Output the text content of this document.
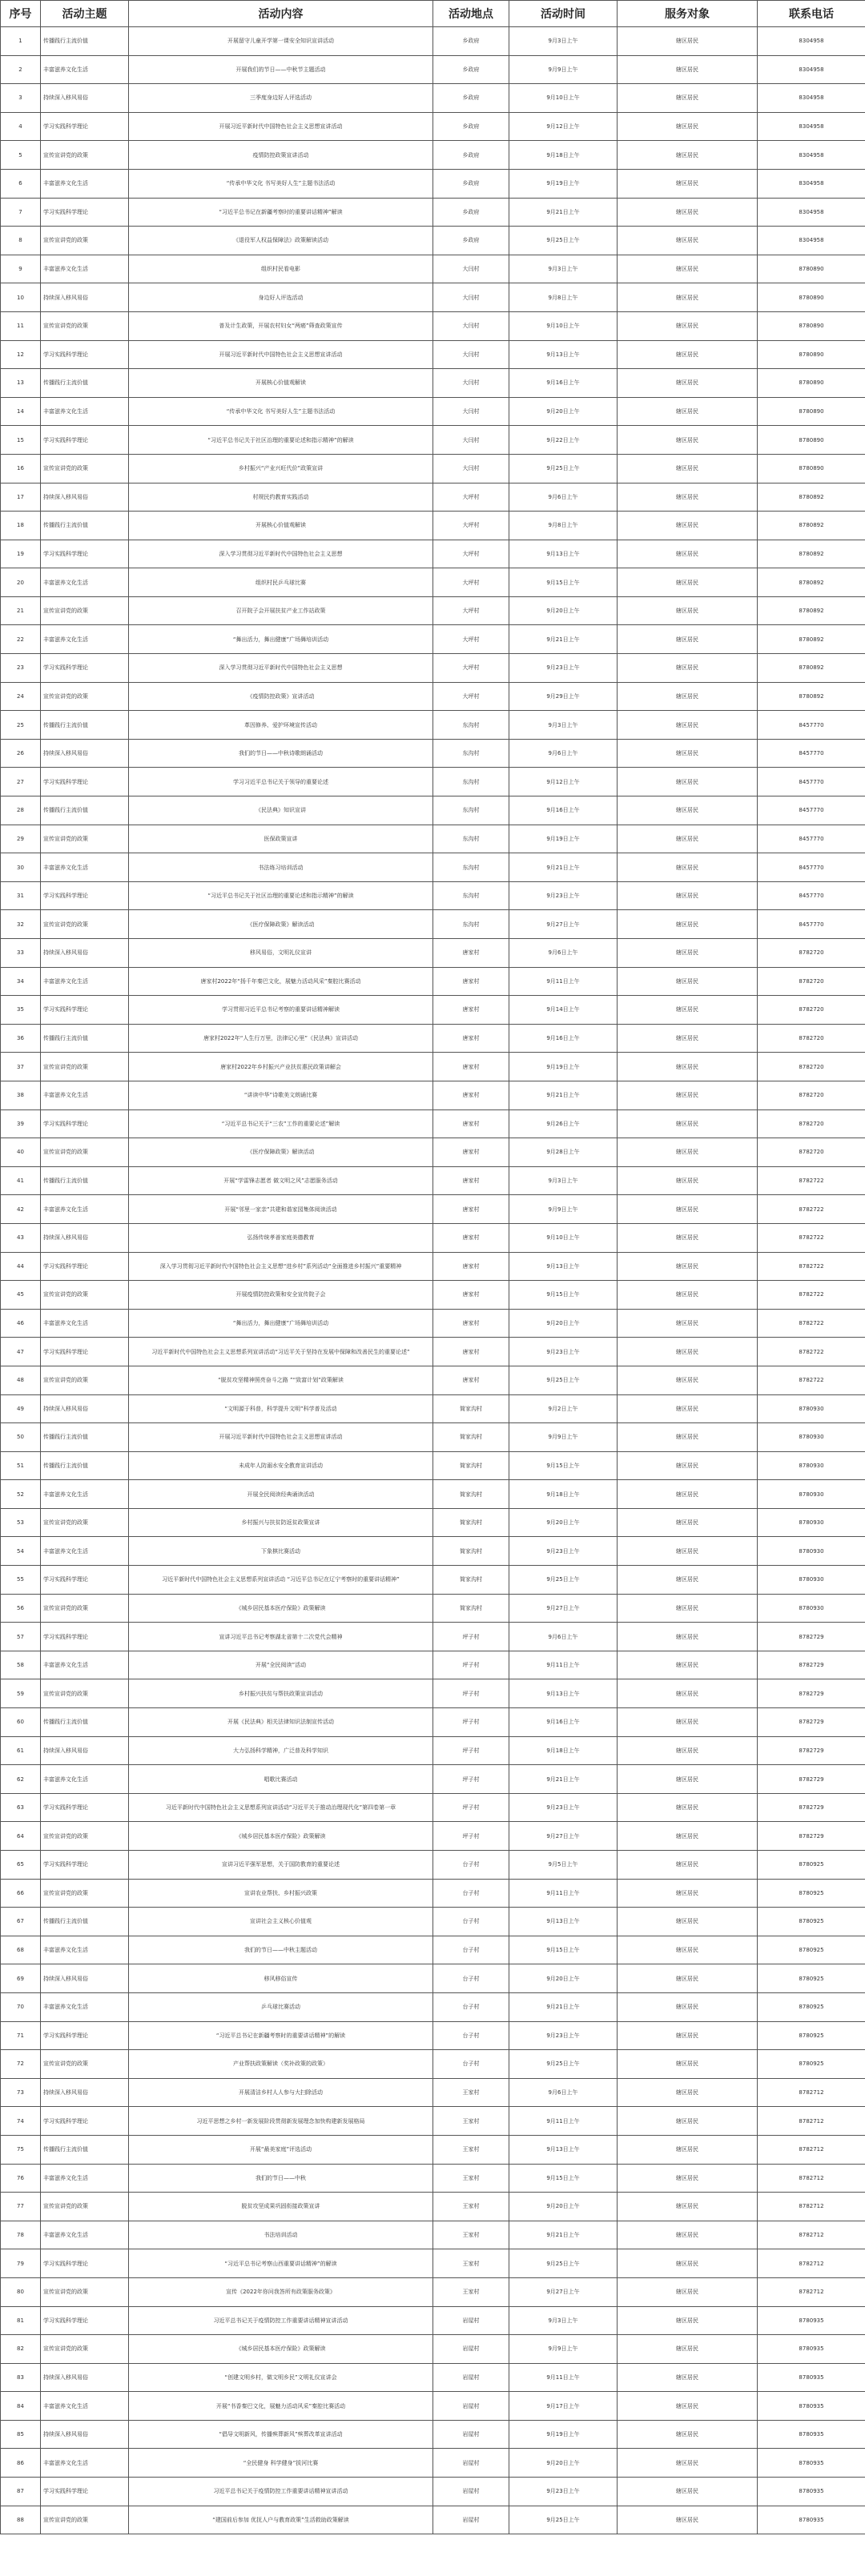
序号	活动主题	活动内容	活动地点	活动时间	服务对象	联系电话
1	传播践行主流价值	开展留守儿童开学第一课安全知识宣讲活动	乡政府	9月3日上午	辖区居民	8304958
2	丰富滋养文化生活	开展我们的节日——中秋节主题活动	乡政府	9月9日上午	辖区居民	8304958
3	持续深入移风易俗	三季度身边好人评选活动	乡政府	9月10日上午	辖区居民	8304958
4	学习实践科学理论	开展习近平新时代中国特色社会主义思想宣讲活动	乡政府	9月12日上午	辖区居民	8304958
5	宣传宣讲党的政策	疫情防控政策宣讲活动	乡政府	9月18日上午	辖区居民	8304958
6	丰富滋养文化生活	“传承中华文化 书写美好人生”主题书法活动	乡政府	9月19日上午	辖区居民	8304958
7	学习实践科学理论	“习近平总书记在新疆考察时的重要讲话精神”解读	乡政府	9月21日上午	辖区居民	8304958
8	宣传宣讲党的政策	《退役军人权益保障法》政策解读活动	乡政府	9月25日上午	辖区居民	8304958
9	丰富滋养文化生活	组织村民看电影	大闫村	9月3日上午	辖区居民	8780890
10	持续深入移风易俗	身边好人评选活动	大闫村	9月8日上午	辖区居民	8780890
11	宣传宣讲党的政策	普及计生政策，开展农村妇女“两癌”筛查政策宣传	大闫村	9月10日上午	辖区居民	8780890
12	学习实践科学理论	开展习近平新时代中国特色社会主义思想宣讲活动	大闫村	9月13日上午	辖区居民	8780890
13	传播践行主流价值	开展核心价值观解读	大闫村	9月16日上午	辖区居民	8780890
14	丰富滋养文化生活	“传承中华文化 书写美好人生”主题书法活动	大闫村	9月20日上午	辖区居民	8780890
15	学习实践科学理论	“习近平总书记关于社区治理的重要论述和指示精神”的解读	大闫村	9月22日上午	辖区居民	8780890
16	宣传宣讲党的政策	乡村振兴“产业兴旺代价”政策宣讲	大闫村	9月25日上午	辖区居民	8780890
17	持续深入移风易俗	村规民约教育实践活动	大坪村	9月6日上午	辖区居民	8780892
18	传播践行主流价值	开展核心价值观解读	大坪村	9月8日上午	辖区居民	8780892
19	学习实践科学理论	深入学习贯彻习近平新时代中国特色社会主义思想	大坪村	9月13日上午	辖区居民	8780892
20	丰富滋养文化生活	组织村民乒乓球比赛	大坪村	9月15日上午	辖区居民	8780892
21	宣传宣讲党的政策	召开院子会开展扶贫产业工作站政策	大坪村	9月20日上午	辖区居民	8780892
22	丰富滋养文化生活	“舞出活力，舞出健康”广场舞培训活动	大坪村	9月21日上午	辖区居民	8780892
23	学习实践科学理论	深入学习贯彻习近平新时代中国特色社会主义思想	大坪村	9月23日上午	辖区居民	8780892
24	宣传宣讲党的政策	《疫情防控政策》宣讲活动	大坪村	9月29日上午	辖区居民	8780892
25	传播践行主流价值	革因修养、爱护环境宣传活动	东沟村	9月3日上午	辖区居民	8457770
26	持续深入移风易俗	我们的节日——中秋诗歌朗诵活动	东沟村	9月6日上午	辖区居民	8457770
27	学习实践科学理论	学习习近平总书记关于领导的重要论述	东沟村	9月12日上午	辖区居民	8457770
28	传播践行主流价值	《民法典》知识宣讲	东沟村	9月16日上午	辖区居民	8457770
29	宣传宣讲党的政策	医保政策宣讲	东沟村	9月19日上午	辖区居民	8457770
30	丰富滋养文化生活	书法练习培训活动	东沟村	9月21日上午	辖区居民	8457770
31	学习实践科学理论	“习近平总书记关于社区治理的重要论述和指示精神”的解读	东沟村	9月23日上午	辖区居民	8457770
32	宣传宣讲党的政策	《医疗保障政策》解读活动	东沟村	9月27日上午	辖区居民	8457770
33	持续深入移风易俗	移风易俗，文明礼仪宣讲	唐家村	9月6日上午	辖区居民	8782720
34	丰富滋养文化生活	唐家村2022年“扬千年秦巴文化，展魅力活动风采”秦腔比赛活动	唐家村	9月11日上午	辖区居民	8782720
35	学习实践科学理论	学习贯彻习近平总书记考察的重要讲话精神解读	唐家村	9月14日上午	辖区居民	8782720
36	传播践行主流价值	唐家村2022年“人生行万里，法律记心里”《民法典》宣讲活动	唐家村	9月16日上午	辖区居民	8782720
37	宣传宣讲党的政策	唐家村2022年乡村振兴产业扶贫惠民政策讲解会	唐家村	9月19日上午	辖区居民	8782720
38	丰富滋养文化生活	“讲读中华”诗歌美文朗诵比赛	唐家村	9月21日上午	辖区居民	8782720
39	学习实践科学理论	“习近平总书记关于“三农”工作的重要论述”解读	唐家村	9月26日上午	辖区居民	8782720
40	宣传宣讲党的政策	《医疗保障政策》解读活动	唐家村	9月28日上午	辖区居民	8782720
41	传播践行主流价值	开展“学雷锋志愿者 做文明之风”志愿服务活动	唐家村	9月3日上午	辖区居民	8782722
42	丰富滋养文化生活	开展“邻里一家亲”共建和谐家园集体阅读活动	唐家村	9月9日上午	辖区居民	8782722
43	持续深入移风易俗	弘扬传统孝善家庭美德教育	唐家村	9月10日上午	辖区居民	8782722
44	学习实践科学理论	深入学习贯彻习近平新时代中国特色社会主义思想“进乡村”系列活动“全面推进乡村振兴”重要精神	唐家村	9月13日上午	辖区居民	8782722
45	宣传宣讲党的政策	开展疫情防控政策和安全宣传院子会	唐家村	9月15日上午	辖区居民	8782722
46	丰富滋养文化生活	“舞出活力，舞出健康”广场舞培训活动	唐家村	9月20日上午	辖区居民	8782722
47	学习实践科学理论	习近平新时代中国特色社会主义思想系列宣讲活动“习近平关于坚持在发展中保障和改善民生的重要论述”	唐家村	9月23日上午	辖区居民	8782722
48	宣传宣讲党的政策	“脱贫攻坚精神照亮奋斗之路 ”“致富计划”政策解读	唐家村	9月25日上午	辖区居民	8782722
49	持续深入移风易俗	“文明源于科普，科学提升文明”科学普及活动	简家沟村	9月2日上午	辖区居民	8780930
50	传播践行主流价值	开展习近平新时代中国特色社会主义思想宣讲活动	简家沟村	9月9日上午	辖区居民	8780930
51	传播践行主流价值	未成年人防溺水安全教育宣讲活动	简家沟村	9月15日上午	辖区居民	8780930
52	丰富滋养文化生活	开展全民阅读经典诵读活动	简家沟村	9月18日上午	辖区居民	8780930
53	宣传宣讲党的政策	乡村振兴与扶贫防返贫政策宣讲	简家沟村	9月20日上午	辖区居民	8780930
54	丰富滋养文化生活	下象棋比赛活动	简家沟村	9月23日上午	辖区居民	8780930
55	学习实践科学理论	习近平新时代中国特色社会主义思想系列宣讲活动 “习近平总书记在辽宁考察时的重要讲话精神”	简家沟村	9月25日上午	辖区居民	8780930
56	宣传宣讲党的政策	《城乡居民基本医疗保险》政策解读	简家沟村	9月27日上午	辖区居民	8780930
57	学习实践科学理论	宣讲习近平总书记考察湖北省第十二次党代会精神	坪子村	9月6日上午	辖区居民	8782729
58	丰富滋养文化生活	开展“全民阅读”活动	坪子村	9月11日上午	辖区居民	8782729
59	宣传宣讲党的政策	乡村振兴扶贫与帮扶政策宣讲活动	坪子村	9月13日上午	辖区居民	8782729
60	传播践行主流价值	开展《民法典》相关法律知识法制宣传活动	坪子村	9月16日上午	辖区居民	8782729
61	持续深入移风易俗	大力弘扬科学精神，广泛普及科学知识	坪子村	9月18日上午	辖区居民	8782729
62	丰富滋养文化生活	唱歌比赛活动	坪子村	9月21日上午	辖区居民	8782729
63	学习实践科学理论	习近平新时代中国特色社会主义思想系列宣讲活动“习近平关于推动治理现代化”第四卷第一章	坪子村	9月23日上午	辖区居民	8782729
64	宣传宣讲党的政策	《城乡居民基本医疗保险》政策解读	坪子村	9月27日上午	辖区居民	8782729
65	学习实践科学理论	宣讲习近平强军思想，关于国防教育的重要论述	台子村	9月5日上午	辖区居民	8780925
66	宣传宣讲党的政策	宣讲农业帮扶、乡村振兴政策	台子村	9月11日上午	辖区居民	8780925
67	传播践行主流价值	宣讲社会主义核心价值观	台子村	9月13日上午	辖区居民	8780925
68	丰富滋养文化生活	我们的节日——中秋主题活动	台子村	9月15日上午	辖区居民	8780925
69	持续深入移风易俗	移风移俗宣传	台子村	9月20日上午	辖区居民	8780925
70	丰富滋养文化生活	乒乓球比赛活动	台子村	9月21日上午	辖区居民	8780925
71	学习实践科学理论	“习近平总书记在新疆考察时的重要讲话精神”的解读	台子村	9月23日上午	辖区居民	8780925
72	宣传宣讲党的政策	产业帮扶政策解读（奖补政策的政策）	台子村	9月25日上午	辖区居民	8780925
73	持续深入移风易俗	开展清洁乡村人人参与大扫除活动	王家村	9月6日上午	辖区居民	8782712
74	学习实践科学理论	习近平思想之乡村一新发展阶段贯彻新发展理念加快构建新发展格局	王家村	9月11日上午	辖区居民	8782712
75	传播践行主流价值	开展“最美家庭”评选活动	王家村	9月13日上午	辖区居民	8782712
76	丰富滋养文化生活	我们的节日——中秋	王家村	9月15日上午	辖区居民	8782712
77	宣传宣讲党的政策	脱贫攻坚成果巩固衔接政策宣讲	王家村	9月20日上午	辖区居民	8782712
78	丰富滋养文化生活	书法培训活动	王家村	9月21日上午	辖区居民	8782712
79	学习实践科学理论	“习近平总书记考察山西重要讲话精神”的解读	王家村	9月25日上午	辖区居民	8782712
80	宣传宣讲党的政策	宣传《2022年你问我答所有政策服务政策》	王家村	9月27日上午	辖区居民	8782712
81	学习实践科学理论	习近平总书记关于疫情防控工作重要讲话精神宣讲活动	岩屋村	9月3日上午	辖区居民	8780935
82	宣传宣讲党的政策	《城乡居民基本医疗保险》政策解读	岩屋村	9月9日上午	辖区居民	8780935
83	持续深入移风易俗	“创建文明乡村，做文明乡民”文明礼仪宣讲会	岩屋村	9月11日上午	辖区居民	8780935
84	丰富滋养文化生活	开展“书香秦巴文化，展魅力活动风采”秦腔比赛活动	岩屋村	9月17日上午	辖区居民	8780935
85	持续深入移风易俗	“倡导文明新风，传播殡葬新风”殡葬改革宣讲活动	岩屋村	9月19日上午	辖区居民	8780935
86	丰富滋养文化生活	“全民健身 科学健身”拔河比赛	岩屋村	9月20日上午	辖区居民	8780935
87	学习实践科学理论	习近平总书记关于疫情防控工作重要讲话精神宣讲活动	岩屋村	9月23日上午	辖区居民	8780935
88	宣传宣讲党的政策	“建国前后参加 优抚人户与教育政策”生活救助政策解读	岩屋村	9月25日上午	辖区居民	8780935
